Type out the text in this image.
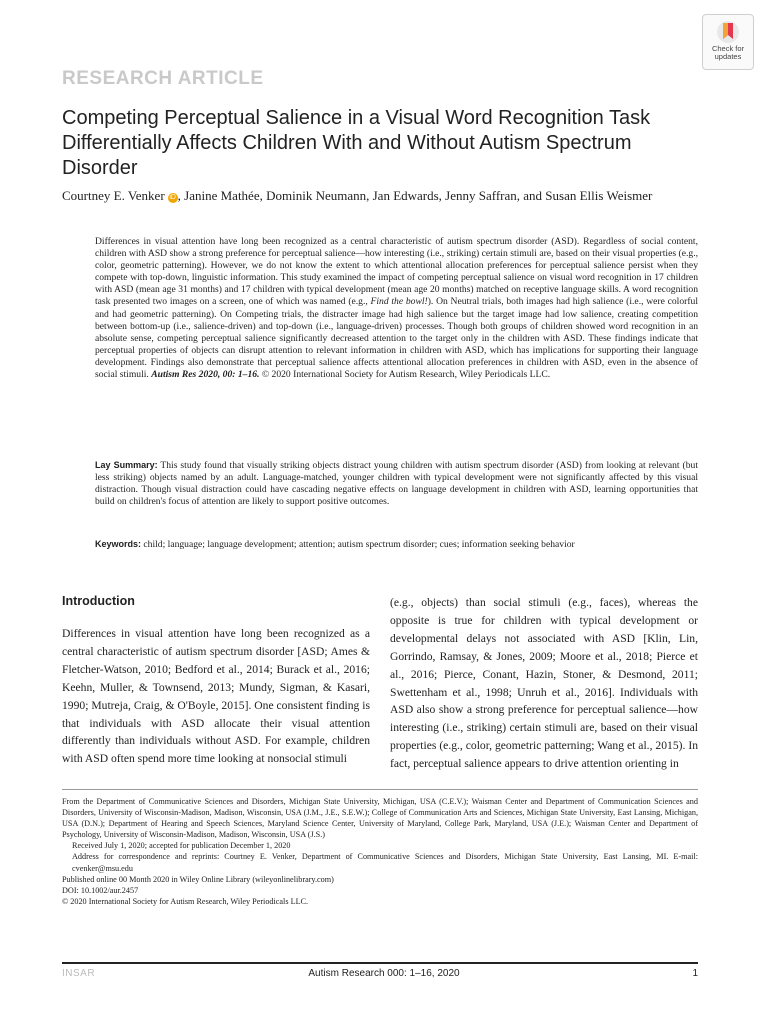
Check for
updates
RESEARCH ARTICLE
Competing Perceptual Salience in a Visual Word Recognition Task Differentially Affects Children With and Without Autism Spectrum Disorder
Courtney E. Venker iD , Janine Mathée, Dominik Neumann, Jan Edwards, Jenny Saffran, and Susan Ellis Weismer
Differences in visual attention have long been recognized as a central characteristic of autism spectrum disorder (ASD). Regardless of social content, children with ASD show a strong preference for perceptual salience—how interesting (i.e., striking) certain stimuli are, based on their visual properties (e.g., color, geometric patterning). However, we do not know the extent to which attentional allocation preferences for perceptual salience persist when they compete with top-down, linguistic information. This study examined the impact of competing perceptual salience on visual word recognition in 17 children with ASD (mean age 31 months) and 17 children with typical development (mean age 20 months) matched on receptive language skills. A word recognition task presented two images on a screen, one of which was named (e.g., Find the bowl!). On Neutral trials, both images had high salience (i.e., were colorful and had geometric patterning). On Competing trials, the distracter image had high salience but the target image had low salience, creating competition between bottom-up (i.e., salience-driven) and top-down (i.e., language-driven) processes. Though both groups of children showed word recognition in an absolute sense, competing perceptual salience significantly decreased attention to the target only in the children with ASD. These findings indicate that perceptual properties of objects can disrupt attention to relevant information in children with ASD, which has implications for supporting their language development. Findings also demonstrate that perceptual salience affects attentional allocation preferences in children with ASD, even in the absence of social stimuli. Autism Res 2020, 00: 1–16. © 2020 International Society for Autism Research, Wiley Periodicals LLC.
Lay Summary: This study found that visually striking objects distract young children with autism spectrum disorder (ASD) from looking at relevant (but less striking) objects named by an adult. Language-matched, younger children with typical development were not significantly affected by this visual distraction. Though visual distraction could have cascading negative effects on language development in children with ASD, learning opportunities that build on children's focus of attention are likely to support positive outcomes.
Keywords: child; language; language development; attention; autism spectrum disorder; cues; information seeking behavior
Introduction
Differences in visual attention have long been recognized as a central characteristic of autism spectrum disorder [ASD; Ames & Fletcher-Watson, 2010; Bedford et al., 2014; Burack et al., 2016; Keehn, Muller, & Townsend, 2013; Mundy, Sigman, & Kasari, 1990; Mutreja, Craig, & O'Boyle, 2015]. One consistent finding is that individuals with ASD allocate their visual attention differently than individuals without ASD. For example, children with ASD often spend more time looking at nonsocial stimuli
(e.g., objects) than social stimuli (e.g., faces), whereas the opposite is true for children with typical development or developmental delays not associated with ASD [Klin, Lin, Gorrindo, Ramsay, & Jones, 2009; Moore et al., 2018; Pierce et al., 2016; Pierce, Conant, Hazin, Stoner, & Desmond, 2011; Swettenham et al., 1998; Unruh et al., 2016]. Individuals with ASD also show a strong preference for perceptual salience—how interesting (i.e., striking) certain stimuli are, based on their visual properties (e.g., color, geometric patterning; Wang et al., 2015). In fact, perceptual salience appears to drive attention orienting in

From the Department of Communicative Sciences and Disorders, Michigan State University, Michigan, USA (C.E.V.); Waisman Center and Department of Communication Sciences and Disorders, University of Wisconsin-Madison, Madison, Wisconsin, USA (J.M., J.E., S.E.W.); College of Communication Arts and Sciences, Michigan State University, East Lansing, Michigan, USA (D.N.); Department of Hearing and Speech Sciences, Maryland Science Center, University of Maryland, College Park, Maryland, USA (J.E.); Waisman Center and Department of Psychology, University of Wisconsin-Madison, Madison, Wisconsin, USA (J.S.)

Received July 1, 2020; accepted for publication December 1, 2020

Address for correspondence and reprints: Courtney E. Venker, Department of Communicative Sciences and Disorders, Michigan State University, East Lansing, MI. E-mail: cvenker@msu.edu

Published online 00 Month 2020 in Wiley Online Library (wileyonlinelibrary.com)

DOI: 10.1002/aur.2457

© 2020 International Society for Autism Research, Wiley Periodicals LLC.

INSAR	Autism Research 000: 1–16, 2020	1
